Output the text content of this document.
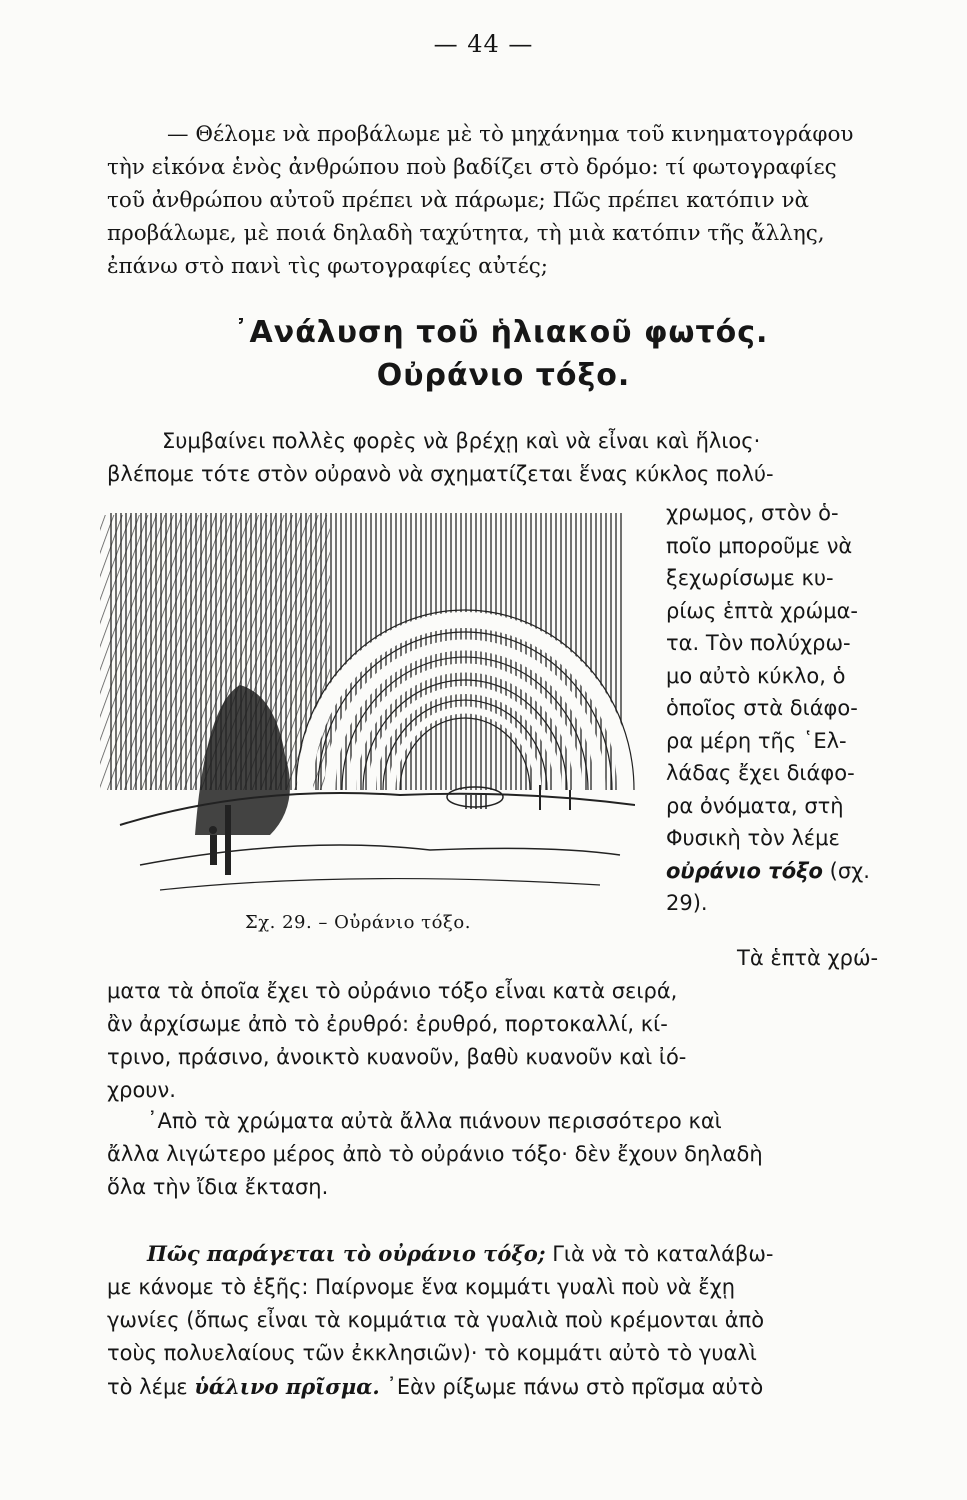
— 44 —

— Θέλομε νὰ προβάλωμε μὲ τὸ μηχάνημα τοῦ κινηματογράφου
τὴν εἰκόνα ἑνὸς ἀνθρώπου ποὺ βαδίζει στὸ δρόμο: τί φωτογραφίες
τοῦ ἀνθρώπου αὐτοῦ πρέπει νὰ πάρωμε; Πῶς πρέπει κατόπιν νὰ
προβάλωμε, μὲ ποιά δηλαδὴ ταχύτητα, τὴ μιὰ κατόπιν τῆς ἄλλης,
ἐπάνω στὸ πανὶ τὶς φωτογραφίες αὐτές;

᾿Ανάλυση τοῦ ἡλιακοῦ φωτός.
Οὐράνιο τόξο.

Συμβαίνει πολλὲς φορὲς νὰ βρέχῃ καὶ νὰ εἶναι καὶ ἥλιος·
βλέπομε τότε στὸν οὐρανὸ νὰ σχηματίζεται ἕνας κύκλος πολύ-

Σχ. 29. – Οὐράνιο τόξο.
χρωμος, στὸν ὁ-
ποῖο μποροῦμε νὰ
ξεχωρίσωμε κυ-
ρίως ἑπτὰ χρώμα-
τα. Τὸν πολύχρω-
μο αὐτὸ κύκλο, ὁ
ὁποῖος στὰ διάφο-
ρα μέρη τῆς ῾Ελ-
λάδας ἔχει διάφο-
ρα ὀνόματα, στὴ
Φυσικὴ τὸν λέμε
οὐράνιο τόξο (σχ.
29).

Τὰ ἑπτὰ χρώ-
ματα τὰ ὁποῖα ἔχει τὸ οὐράνιο τόξο εἶναι κατὰ σειρά,
ἂν ἀρχίσωμε ἀπὸ τὸ ἐρυθρό: ἐρυθρό, πορτοκαλλί, κί-
τρινο, πράσινο, ἀνοικτὸ κυανοῦν, βαθὺ κυανοῦν καὶ ἰό-
χρουν.

᾿Απὸ τὰ χρώματα αὐτὰ ἄλλα πιάνουν περισσότερο καὶ
ἄλλα λιγώτερο μέρος ἀπὸ τὸ οὐράνιο τόξο· δὲν ἔχουν δηλαδὴ
ὅλα τὴν ἴδια ἔκταση.

Πῶς παράγεται τὸ οὐράνιο τόξο; Γιὰ νὰ τὸ καταλάβω-
με κάνομε τὸ ἑξῆς: Παίρνομε ἕνα κομμάτι γυαλὶ ποὺ νὰ ἔχῃ
γωνίες (ὅπως εἶναι τὰ κομμάτια τὰ γυαλιὰ ποὺ κρέμονται ἀπὸ
τοὺς πολυελαίους τῶν ἐκκλησιῶν)· τὸ κομμάτι αὐτὸ τὸ γυαλὶ
τὸ λέμε ὑάλινο πρῖσμα. ᾿Εὰν ρίξωμε πάνω στὸ πρῖσμα αὐτὸ
